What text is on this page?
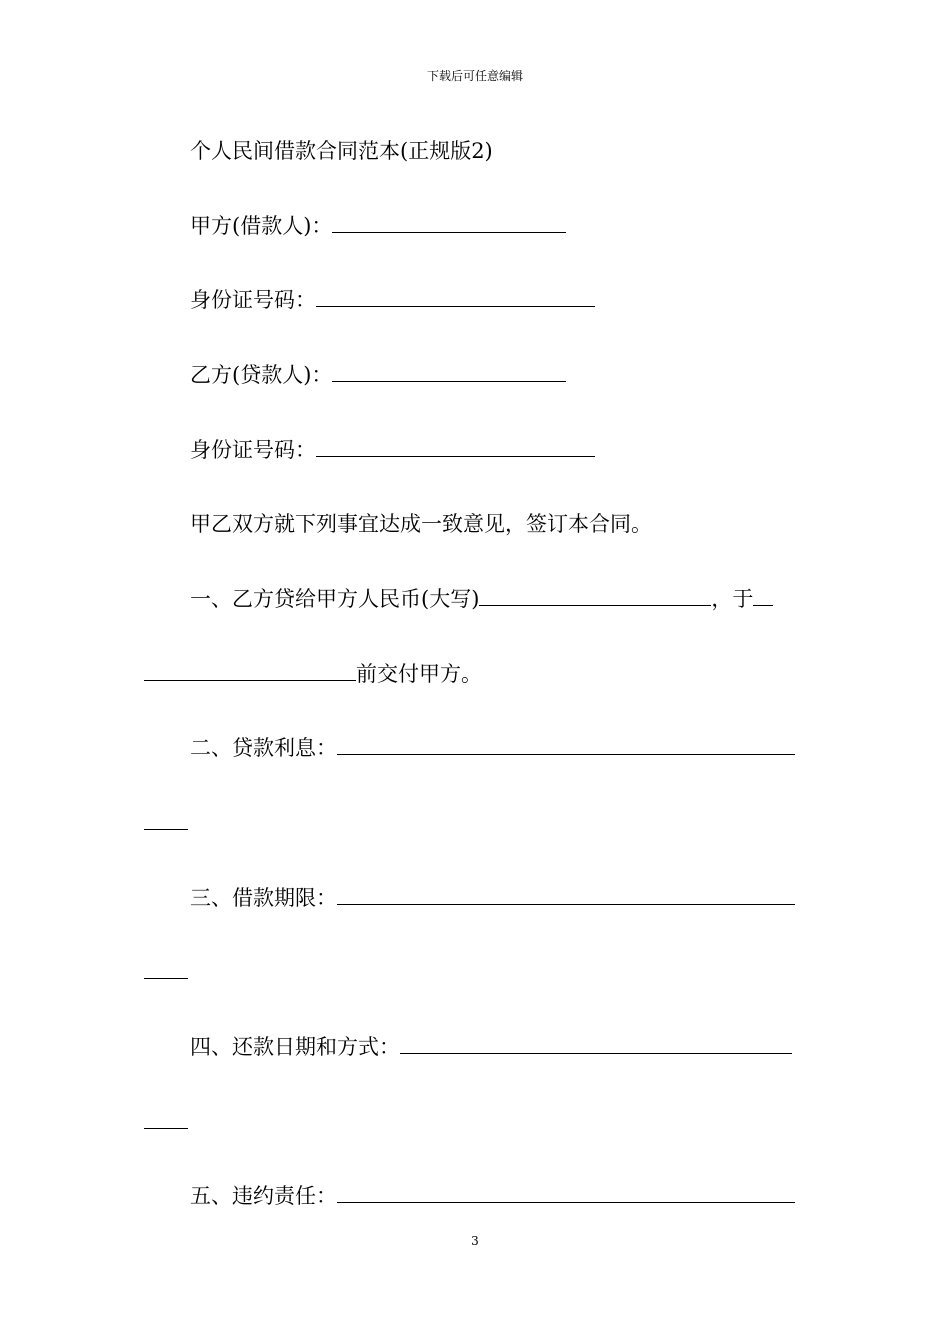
下载后可任意编辑
个人民间借款合同范本(正规版2)
甲方(借款人)：
身份证号码：
乙方(贷款人)：
身份证号码：
甲乙双方就下列事宜达成一致意见，签订本合同。
一、乙方贷给甲方人民币(大写)	，于
前交付甲方。
二、贷款利息：
三、借款期限：
四、还款日期和方式：
五、违约责任：
3
